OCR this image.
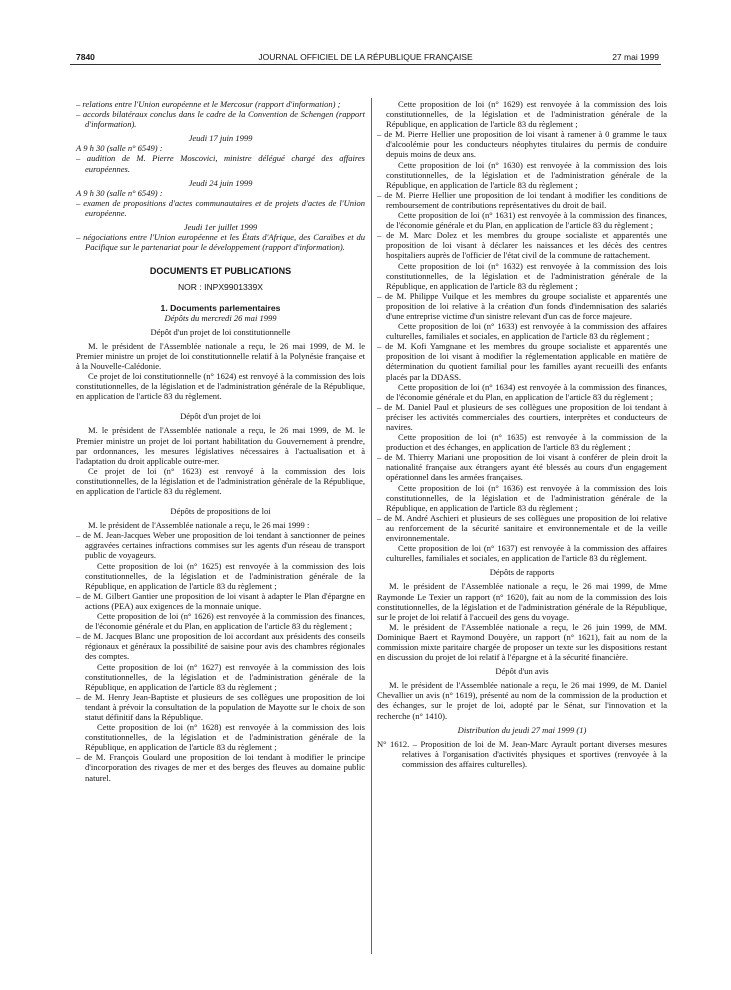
7840	JOURNAL OFFICIEL DE LA RÉPUBLIQUE FRANÇAISE	27 mai 1999

– relations entre l'Union européenne et le Mercosur (rapport d'information) ;

– accords bilatéraux conclus dans le cadre de la Convention de Schengen (rapport d'information).

Jeudi 17 juin 1999

A 9 h 30 (salle n° 6549) :

– audition de M. Pierre Moscovici, ministre délégué chargé des affaires européennes.

Jeudi 24 juin 1999

A 9 h 30 (salle n° 6549) :

– examen de propositions d'actes communautaires et de projets d'actes de l'Union européenne.

Jeudi 1er juillet 1999

– négociations entre l'Union européenne et les États d'Afrique, des Caraïbes et du Pacifique sur le partenariat pour le développement (rapport d'information).

DOCUMENTS ET PUBLICATIONS

NOR : INPX9901339X

1. Documents parlementaires

Dépôts du mercredi 26 mai 1999

Dépôt d'un projet de loi constitutionnelle

M. le président de l'Assemblée nationale a reçu, le 26 mai 1999, de M. le Premier ministre un projet de loi constitutionnelle relatif à la Polynésie française et à la Nouvelle-Calédonie.

Ce projet de loi constitutionnelle (n° 1624) est renvoyé à la commission des lois constitutionnelles, de la législation et de l'administration générale de la République, en application de l'article 83 du règlement.

Dépôt d'un projet de loi

M. le président de l'Assemblée nationale a reçu, le 26 mai 1999, de M. le Premier ministre un projet de loi portant habilitation du Gouvernement à prendre, par ordonnances, les mesures législatives nécessaires à l'actualisation et à l'adaptation du droit applicable outre-mer.

Ce projet de loi (n° 1623) est renvoyé à la commission des lois constitutionnelles, de la législation et de l'administration générale de la République, en application de l'article 83 du règlement.

Dépôts de propositions de loi

M. le président de l'Assemblée nationale a reçu, le 26 mai 1999 :

– de M. Jean-Jacques Weber une proposition de loi tendant à sanctionner de peines aggravées certaines infractions commises sur les agents d'un réseau de transport public de voyageurs.

Cette proposition de loi (n° 1625) est renvoyée à la commission des lois constitutionnelles, de la législation et de l'administration générale de la République, en application de l'article 83 du règlement ;

– de M. Gilbert Gantier une proposition de loi visant à adapter le Plan d'épargne en actions (PEA) aux exigences de la monnaie unique.

Cette proposition de loi (n° 1626) est renvoyée à la commission des finances, de l'économie générale et du Plan, en application de l'article 83 du règlement ;

– de M. Jacques Blanc une proposition de loi accordant aux présidents des conseils régionaux et généraux la possibilité de saisine pour avis des chambres régionales des comptes.

Cette proposition de loi (n° 1627) est renvoyée à la commission des lois constitutionnelles, de la législation et de l'administration générale de la République, en application de l'article 83 du règlement ;

– de M. Henry Jean-Baptiste et plusieurs de ses collègues une proposition de loi tendant à prévoir la consultation de la population de Mayotte sur le choix de son statut définitif dans la République.

Cette proposition de loi (n° 1628) est renvoyée à la commission des lois constitutionnelles, de la législation et de l'administration générale de la République, en application de l'article 83 du règlement ;

– de M. François Goulard une proposition de loi tendant à modifier le principe d'incorporation des rivages de mer et des berges des fleuves au domaine public naturel.

Cette proposition de loi (n° 1629) est renvoyée à la commission des lois constitutionnelles, de la législation et de l'administration générale de la République, en application de l'article 83 du règlement ;

– de M. Pierre Hellier une proposition de loi visant à ramener à 0 gramme le taux d'alcoolémie pour les conducteurs néophytes titulaires du permis de conduire depuis moins de deux ans.

Cette proposition de loi (n° 1630) est renvoyée à la commission des lois constitutionnelles, de la législation et de l'administration générale de la République, en application de l'article 83 du règlement ;

– de M. Pierre Hellier une proposition de loi tendant à modifier les conditions de remboursement de contributions représentatives du droit de bail.

Cette proposition de loi (n° 1631) est renvoyée à la commission des finances, de l'économie générale et du Plan, en application de l'article 83 du règlement ;

– de M. Marc Dolez et les membres du groupe socialiste et apparentés une proposition de loi visant à déclarer les naissances et les décès des centres hospitaliers auprès de l'officier de l'état civil de la commune de rattachement.

Cette proposition de loi (n° 1632) est renvoyée à la commission des lois constitutionnelles, de la législation et de l'administration générale de la République, en application de l'article 83 du règlement ;

– de M. Philippe Vuilque et les membres du groupe socialiste et apparentés une proposition de loi relative à la création d'un fonds d'indemnisation des salariés d'une entreprise victime d'un sinistre relevant d'un cas de force majeure.

Cette proposition de loi (n° 1633) est renvoyée à la commission des affaires culturelles, familiales et sociales, en application de l'article 83 du règlement ;

– de M. Kofi Yamgnane et les membres du groupe socialiste et apparentés une proposition de loi visant à modifier la réglementation applicable en matière de détermination du quotient familial pour les familles ayant recueilli des enfants placés par la DDASS.

Cette proposition de loi (n° 1634) est renvoyée à la commission des finances, de l'économie générale et du Plan, en application de l'article 83 du règlement ;

– de M. Daniel Paul et plusieurs de ses collègues une proposition de loi tendant à préciser les activités commerciales des courtiers, interprètes et conducteurs de navires.

Cette proposition de loi (n° 1635) est renvoyée à la commission de la production et des échanges, en application de l'article 83 du règlement ;

– de M. Thierry Mariani une proposition de loi visant à conférer de plein droit la nationalité française aux étrangers ayant été blessés au cours d'un engagement opérationnel dans les armées françaises.

Cette proposition de loi (n° 1636) est renvoyée à la commission des lois constitutionnelles, de la législation et de l'administration générale de la République, en application de l'article 83 du règlement ;

– de M. André Aschieri et plusieurs de ses collègues une proposition de loi relative au renforcement de la sécurité sanitaire et environnementale et de la veille environnementale.

Cette proposition de loi (n° 1637) est renvoyée à la commission des affaires culturelles, familiales et sociales, en application de l'article 83 du règlement.

Dépôts de rapports

M. le président de l'Assemblée nationale a reçu, le 26 mai 1999, de Mme Raymonde Le Texier un rapport (n° 1620), fait au nom de la commission des lois constitutionnelles, de la législation et de l'administration générale de la République, sur le projet de loi relatif à l'accueil des gens du voyage.

M. le président de l'Assemblée nationale a reçu, le 26 juin 1999, de MM. Dominique Baert et Raymond Douyère, un rapport (n° 1621), fait au nom de la commission mixte paritaire chargée de proposer un texte sur les dispositions restant en discussion du projet de loi relatif à l'épargne et à la sécurité financière.

Dépôt d'un avis

M. le président de l'Assemblée nationale a reçu, le 26 mai 1999, de M. Daniel Chevallier un avis (n° 1619), présenté au nom de la commission de la production et des échanges, sur le projet de loi, adopté par le Sénat, sur l'innovation et la recherche (n° 1410).

Distribution du jeudi 27 mai 1999 (1)

N° 1612. – Proposition de loi de M. Jean-Marc Ayrault portant diverses mesures relatives à l'organisation d'activités physiques et sportives (renvoyée à la commission des affaires culturelles).
